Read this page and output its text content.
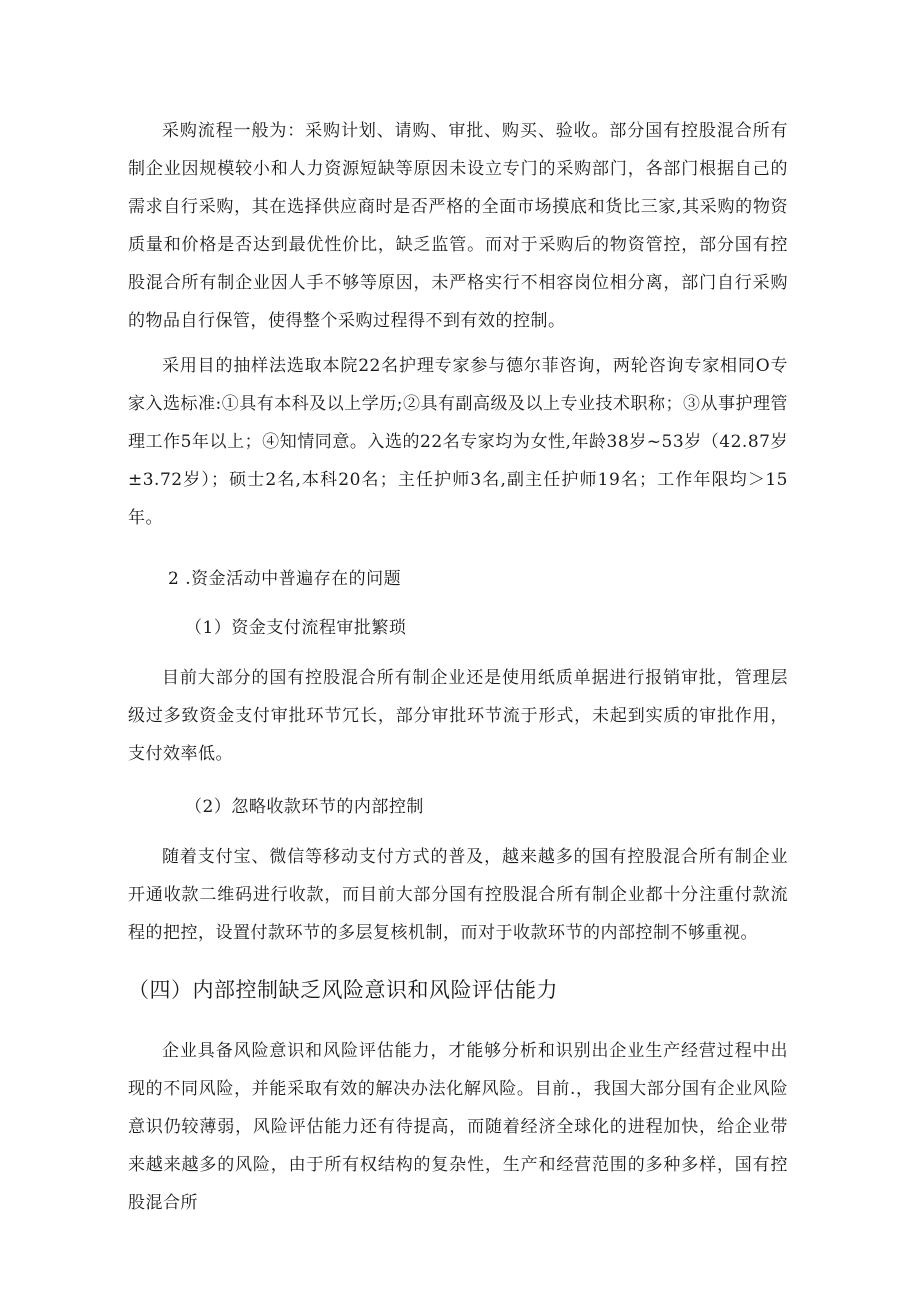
采购流程一般为：采购计划、请购、审批、购买、验收。部分国有控股混合所有制企业因规模较小和人力资源短缺等原因未设立专门的采购部门，各部门根据自己的需求自行采购，其在选择供应商时是否严格的全面市场摸底和货比三家,其采购的物资质量和价格是否达到最优性价比，缺乏监管。而对于采购后的物资管控，部分国有控股混合所有制企业因人手不够等原因，未严格实行不相容岗位相分离，部门自行采购的物品自行保管，使得整个采购过程得不到有效的控制。

采用目的抽样法选取本院22名护理专家参与德尔菲咨询，两轮咨询专家相同O专家入选标准:①具有本科及以上学历;②具有副高级及以上专业技术职称；③从事护理管理工作5年以上；④知情同意。入选的22名专家均为女性,年龄38岁~53岁（42.87岁±3.72岁）；硕士2名,本科20名；主任护师3名,副主任护师19名；工作年限均＞15年。

2 .资金活动中普遍存在的问题

（1）资金支付流程审批繁琐

目前大部分的国有控股混合所有制企业还是使用纸质单据进行报销审批，管理层级过多致资金支付审批环节冗长，部分审批环节流于形式，未起到实质的审批作用，支付效率低。

（2）忽略收款环节的内部控制

随着支付宝、微信等移动支付方式的普及，越来越多的国有控股混合所有制企业开通收款二维码进行收款，而目前大部分国有控股混合所有制企业都十分注重付款流程的把控，设置付款环节的多层复核机制，而对于收款环节的内部控制不够重视。

（四）内部控制缺乏风险意识和风险评估能力

企业具备风险意识和风险评估能力，才能够分析和识别出企业生产经营过程中出现的不同风险，并能采取有效的解决办法化解风险。目前.，我国大部分国有企业风险意识仍较薄弱，风险评估能力还有待提高，而随着经济全球化的进程加快，给企业带来越来越多的风险，由于所有权结构的复杂性，生产和经营范围的多种多样，国有控股混合所
